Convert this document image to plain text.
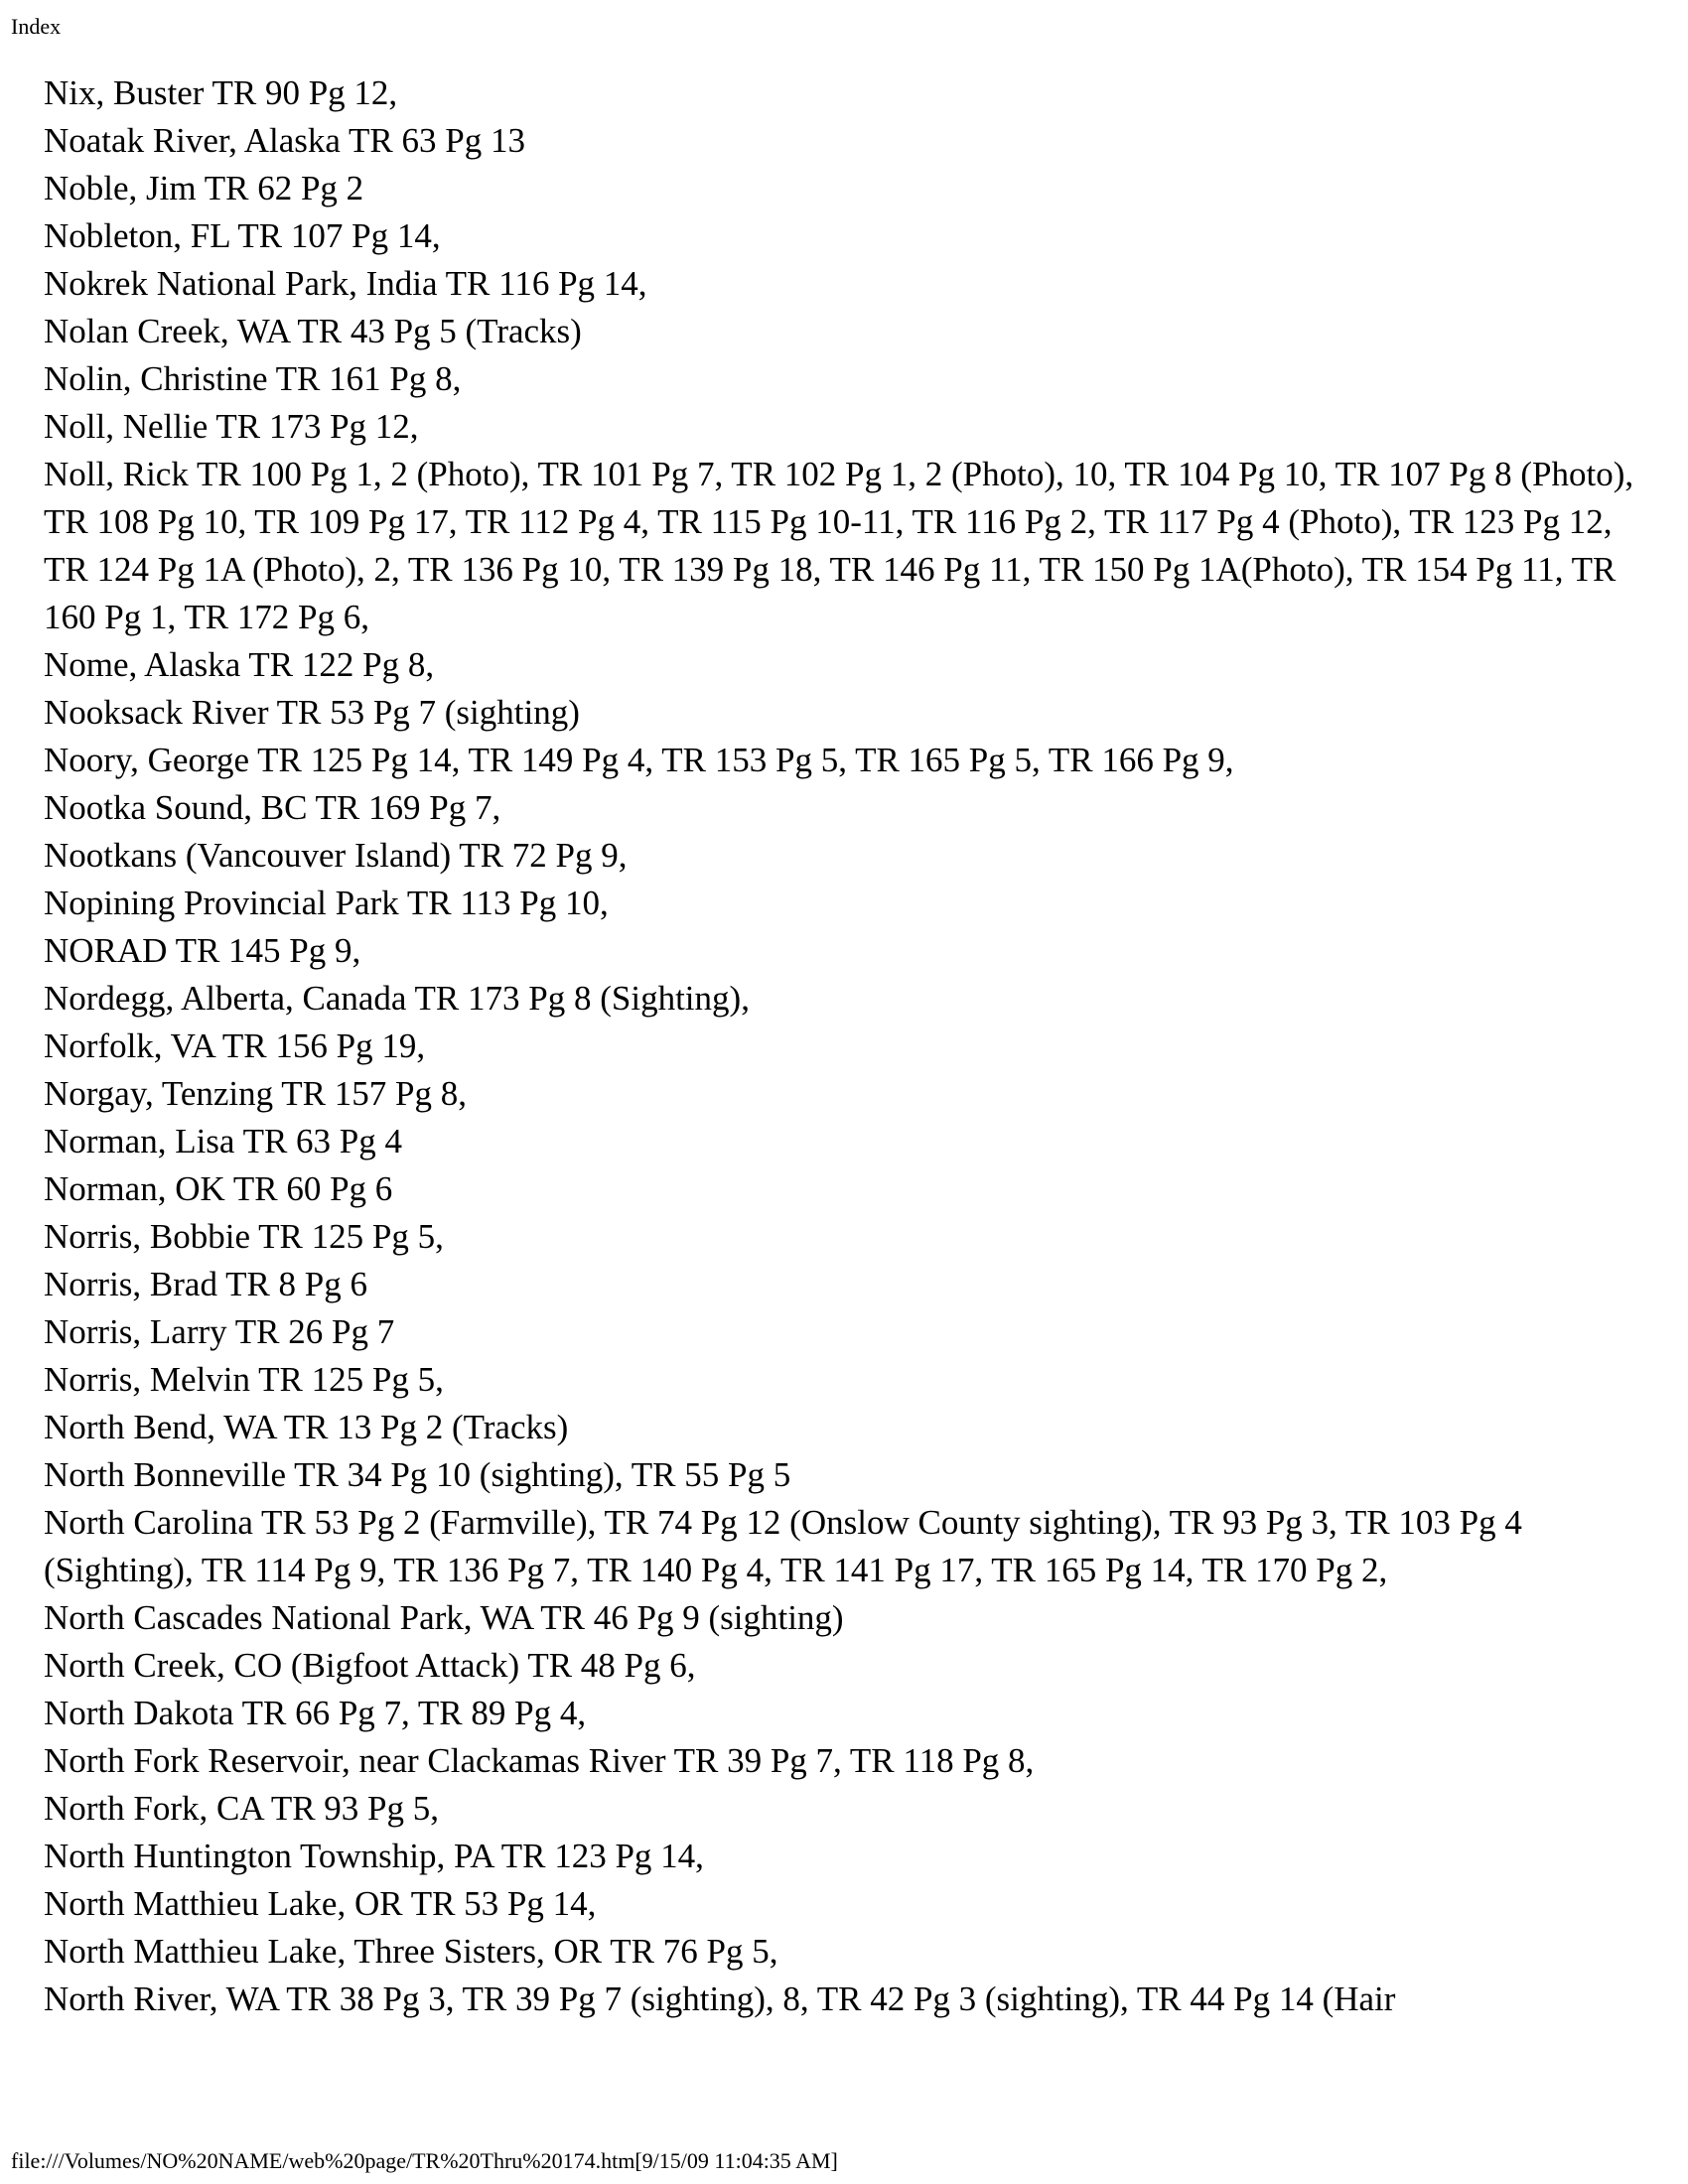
Index
Nix, Buster TR 90 Pg 12,
Noatak River, Alaska TR 63 Pg 13
Noble, Jim TR 62 Pg 2
Nobleton, FL TR 107 Pg 14,
Nokrek National Park, India TR 116 Pg 14,
Nolan Creek, WA TR 43 Pg 5 (Tracks)
Nolin, Christine TR 161 Pg 8,
Noll, Nellie TR 173 Pg 12,
Noll, Rick TR 100 Pg 1, 2 (Photo), TR 101 Pg 7, TR 102 Pg 1, 2 (Photo), 10, TR 104 Pg 10, TR 107 Pg 8 (Photo), TR 108 Pg 10, TR 109 Pg 17, TR 112 Pg 4, TR 115 Pg 10-11, TR 116 Pg 2, TR 117 Pg 4 (Photo), TR 123 Pg 12, TR 124 Pg 1A (Photo), 2, TR 136 Pg 10, TR 139 Pg 18, TR 146 Pg 11, TR 150 Pg 1A(Photo), TR 154 Pg 11, TR 160 Pg 1, TR 172 Pg 6,
Nome, Alaska TR 122 Pg 8,
Nooksack River TR 53 Pg 7 (sighting)
Noory, George TR 125 Pg 14, TR 149 Pg 4, TR 153 Pg 5, TR 165 Pg 5, TR 166 Pg 9,
Nootka Sound, BC TR 169 Pg 7,
Nootkans (Vancouver Island) TR 72 Pg 9,
Nopining Provincial Park TR 113 Pg 10,
NORAD TR 145 Pg 9,
Nordegg, Alberta, Canada TR 173 Pg 8 (Sighting),
Norfolk, VA TR 156 Pg 19,
Norgay, Tenzing TR 157 Pg 8,
Norman, Lisa TR 63 Pg 4
Norman, OK TR 60 Pg 6
Norris, Bobbie TR 125 Pg 5,
Norris, Brad TR 8 Pg 6
Norris, Larry TR 26 Pg 7
Norris, Melvin TR 125 Pg 5,
North Bend, WA TR 13 Pg 2 (Tracks)
North Bonneville TR 34 Pg 10 (sighting), TR 55 Pg 5
North Carolina TR 53 Pg 2 (Farmville), TR 74 Pg 12 (Onslow County sighting), TR 93 Pg 3, TR 103 Pg 4 (Sighting), TR 114 Pg 9, TR 136 Pg 7, TR 140 Pg 4, TR 141 Pg 17, TR 165 Pg 14, TR 170 Pg 2,
North Cascades National Park, WA TR 46 Pg 9 (sighting)
North Creek, CO (Bigfoot Attack) TR 48 Pg 6,
North Dakota TR 66 Pg 7, TR 89 Pg 4,
North Fork Reservoir, near Clackamas River TR 39 Pg 7, TR 118 Pg 8,
North Fork, CA TR 93 Pg 5,
North Huntington Township, PA TR 123 Pg 14,
North Matthieu Lake, OR TR 53 Pg 14,
North Matthieu Lake, Three Sisters, OR TR 76 Pg 5,
North River, WA TR 38 Pg 3, TR 39 Pg 7 (sighting), 8, TR 42 Pg 3 (sighting), TR 44 Pg 14 (Hair
file:///Volumes/NO%20NAME/web%20page/TR%20Thru%20174.htm[9/15/09 11:04:35 AM]
